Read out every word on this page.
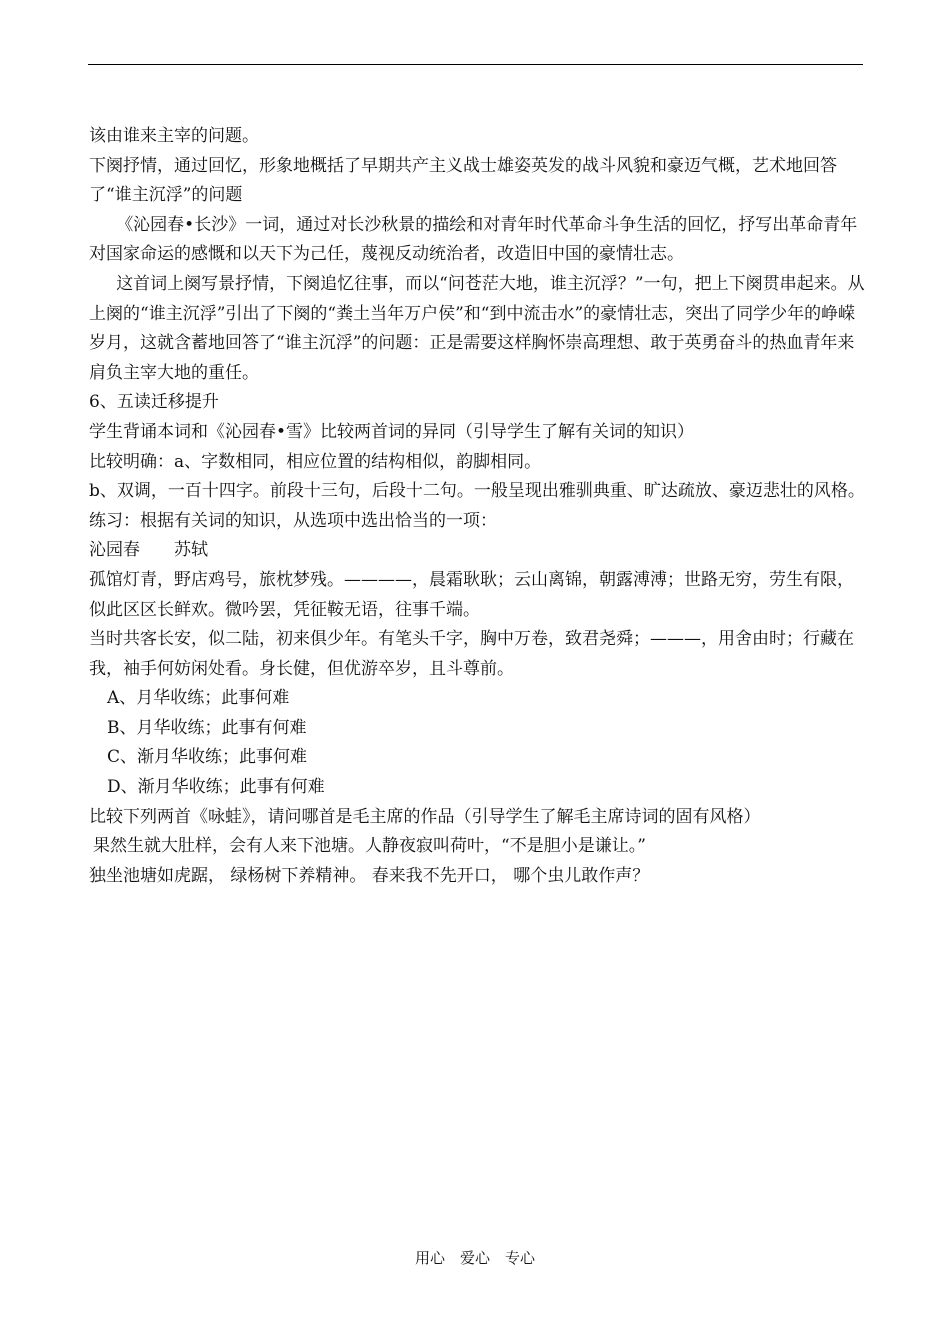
该由谁来主宰的问题。

下阕抒情，通过回忆，形象地概括了早期共产主义战士雄姿英发的战斗风貌和豪迈气概，艺术地回答了“谁主沉浮”的问题

《沁园春•长沙》一词，通过对长沙秋景的描绘和对青年时代革命斗争生活的回忆，抒写出革命青年对国家命运的感慨和以天下为己任，蔑视反动统治者，改造旧中国的豪情壮志。

这首词上阕写景抒情，下阕追忆往事，而以“问苍茫大地，谁主沉浮？”一句，把上下阕贯串起来。从上阕的“谁主沉浮”引出了下阕的“粪土当年万户侯”和“到中流击水”的豪情壮志，突出了同学少年的峥嵘岁月，这就含蓄地回答了“谁主沉浮”的问题：正是需要这样胸怀崇高理想、敢于英勇奋斗的热血青年来肩负主宰大地的重任。

6、五读迁移提升

学生背诵本词和《沁园春•雪》比较两首词的异同（引导学生了解有关词的知识）

比较明确：a、字数相同，相应位置的结构相似，韵脚相同。

b、双调，一百十四字。前段十三句，后段十二句。一般呈现出雅驯典重、旷达疏放、豪迈悲壮的风格。

练习：根据有关词的知识，从选项中选出恰当的一项：

沁园春　　苏轼

孤馆灯青，野店鸡号，旅枕梦残。————，晨霜耿耿；云山离锦，朝露溥溥；世路无穷，劳生有限，似此区区长鲜欢。微吟罢，凭征鞍无语，往事千端。

当时共客长安，似二陆，初来俱少年。有笔头千字，胸中万卷，致君尧舜；———，用舍由时；行藏在我，袖手何妨闲处看。身长健，但优游卒岁，且斗尊前。

A、月华收练；此事何难

B、月华收练；此事有何难

C、渐月华收练；此事何难

D、渐月华收练；此事有何难

比较下列两首《咏蛙》，请问哪首是毛主席的作品（引导学生了解毛主席诗词的固有风格）

果然生就大肚样，会有人来下池塘。人静夜寂叫荷叶，“不是胆小是谦让。”

独坐池塘如虎踞， 绿杨树下养精神。 春来我不先开口， 哪个虫儿敢作声？

用心　爱心　专心
